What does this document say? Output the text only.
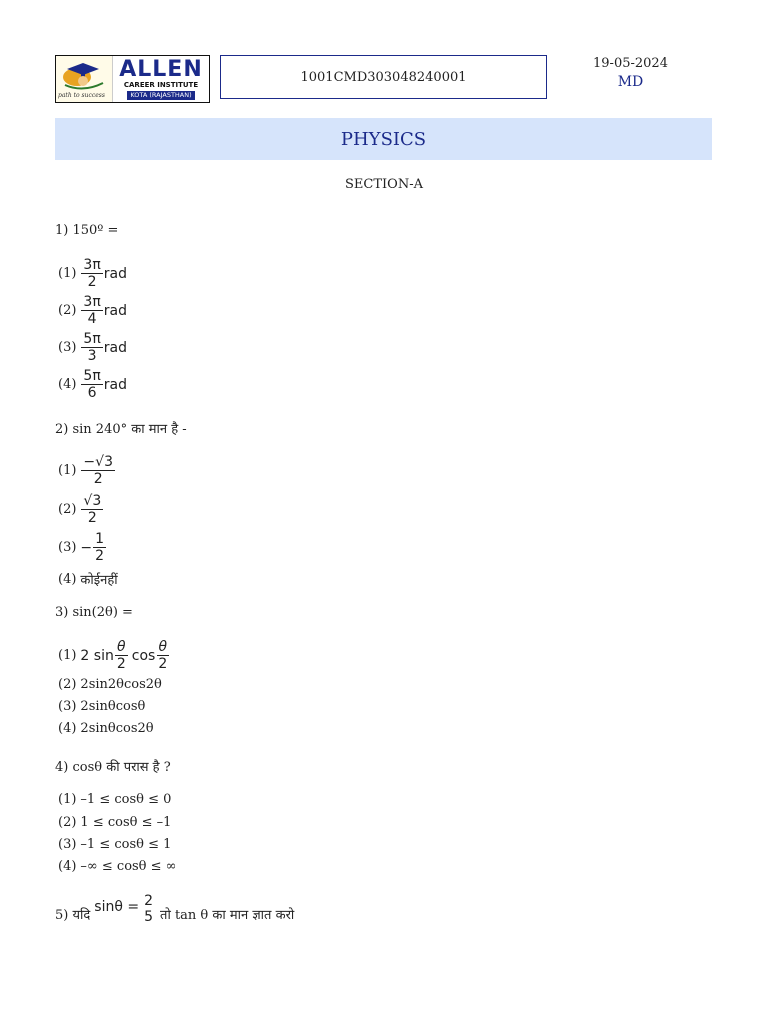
path to success
ALLEN
CAREER INSTITUTE
KOTA (RAJASTHAN)
1001CMD303048240001
19-05-2024
MD
PHYSICS
SECTION-A
1) 150º =
$(1) \frac{3\pi}{2}$ rad
$(2) \frac{3\pi}{4}$ rad
$(3) \frac{5\pi}{3}$ rad
$(4) \frac{5\pi}{6}$ rad
2) sin 240° का मान है -
$(1) \frac{-√3}{2}$
$(2) \frac{√3}{2}$
$(3) - \frac{1}{2}$
(4) कोईनहीं
3) sin(2θ) =
(1) 2 $\sin \frac{\theta}{2}$ $\cos \frac{\theta}{2}$
(2) 2sin2θcos2θ
(3) 2sinθcosθ
(4) 2sinθcos2θ
4) cosθ की परास है ?
(1) –1 ≤ cosθ ≤ 0
(2) 1 ≤ cosθ ≤ –1
(3) –1 ≤ cosθ ≤ 1
(4) –∞ ≤ cosθ ≤ ∞
5) यदि
sinθ = 2
5 तो tan θ का मान ज्ञात करो
